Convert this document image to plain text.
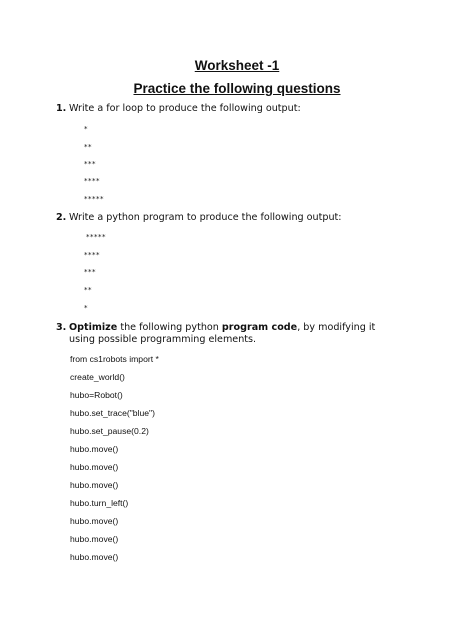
Worksheet -1
Practice the following questions
1. Write a for loop to produce the following output:
*
**
***
****
*****
2. Write a python program to produce the following output:
*****
****
***
**
*
3. Optimize the following python program code, by modifying it using possible programming elements.
from cs1robots import *
create_world()
hubo=Robot()
hubo.set_trace("blue")
hubo.set_pause(0.2)
hubo.move()
hubo.move()
hubo.move()
hubo.turn_left()
hubo.move()
hubo.move()
hubo.move()
